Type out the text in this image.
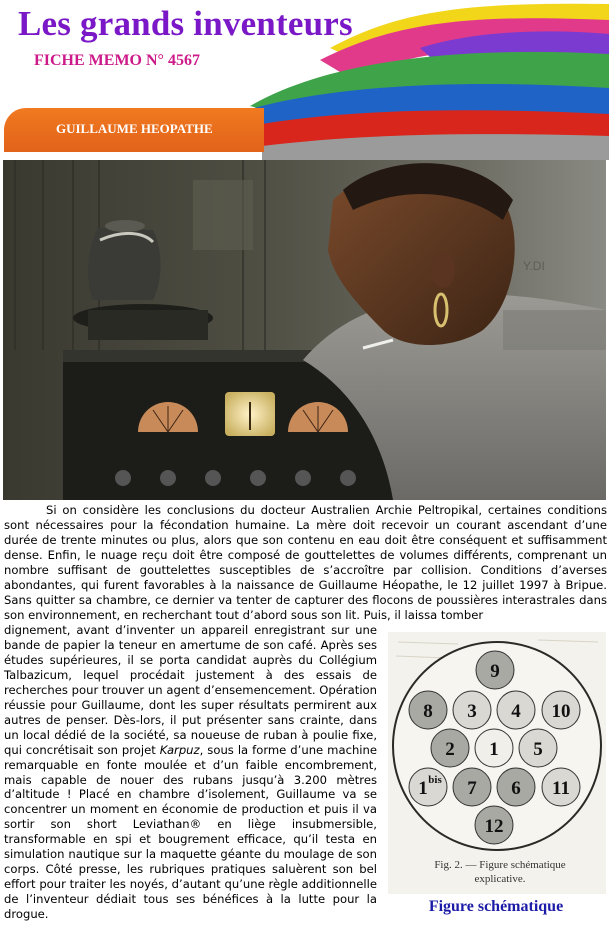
Les grands inventeurs
FICHE MEMO N° 4567
GUILLAUME HEOPATHE
Y.DI

Si on considère les conclusions du docteur Australien Archie Peltropikal, certaines conditions sont nécessaires pour la fécondation humaine. La mère doit recevoir un courant ascendant d’une durée de trente minutes ou plus, alors que son contenu en eau doit être conséquent et suffisamment dense. Enfin, le nuage reçu doit être composé de gouttelettes de volumes différents, comprenant un nombre suffisant de gouttelettes susceptibles de s’accroître par collision. Conditions d’averses abondantes, qui furent favorables à la naissance de Guillaume Héopathe, le 12 juillet 1997 à Bripue. Sans quitter sa chambre, ce dernier va tenter de capturer des flocons de poussières interastrales dans son environnement, en recherchant tout d’abord sous son lit. Puis, il laissa tomber

dignement, avant d’inventer un appareil enregistrant sur une bande de papier la teneur en amertume de son café. Après ses études supérieures, il se porta candidat auprès du Collégium Talbazicum, lequel procédait justement à des essais de recherches pour trouver un agent d’ensemencement. Opération réussie pour Guillaume, dont les super résultats permirent aux autres de penser. Dès-lors, il put présenter sans crainte, dans un local dédié de la société, sa noueuse de ruban à poulie fixe, qui concrétisait son projet Karpuz, sous la forme d’une machine remarquable en fonte moulée et d’un faible encombrement, mais capable de nouer des rubans jusqu’à 3.200 mètres d’altitude ! Placé en chambre d’isolement, Guillaume va se concentrer un moment en économie de production et puis il va sortir son short Leviathan® en liège insubmersible, transformable en spi et bougrement efficace, qu’il testa en simulation nautique sur la maquette géante du moulage de son corps. Côté presse, les rubriques pratiques saluèrent son bel effort pour traiter les noyés, d’autant qu’une règle additionnelle de l’inventeur dédiait tous ses bénéfices à la lutte pour la drogue.

9
8 3 4 10
2 1 5
1 bis 7 6 11
12
Fig. 2. — Figure schématique
explicative.
Figure schématique
